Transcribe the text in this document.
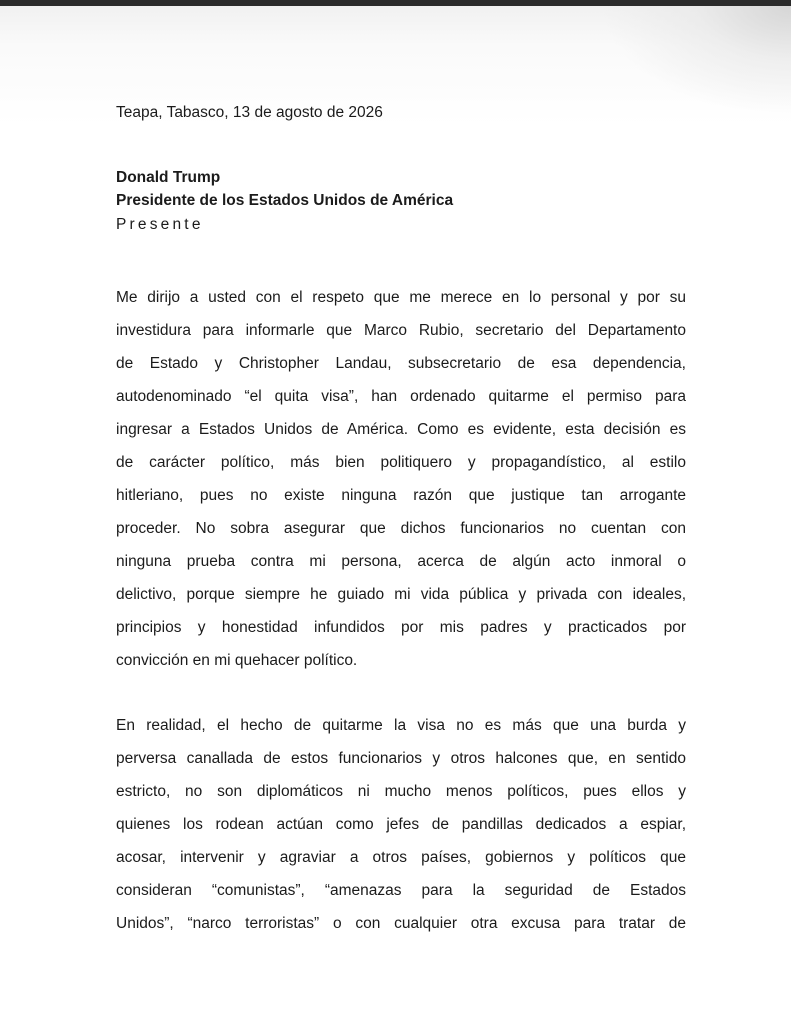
Teapa, Tabasco, 13 de agosto de 2026
Donald Trump
Presidente de los Estados Unidos de América
Presente
Me dirijo a usted con el respeto que me merece en lo personal y por su
investidura para informarle que Marco Rubio, secretario del Departamento
de Estado y Christopher Landau, subsecretario de esa dependencia,
autodenominado “el quita visa”, han ordenado quitarme el permiso para
ingresar a Estados Unidos de América. Como es evidente, esta decisión es
de carácter político, más bien politiquero y propagandístico, al estilo
hitleriano, pues no existe ninguna razón que justique tan arrogante
proceder. No sobra asegurar que dichos funcionarios no cuentan con
ninguna prueba contra mi persona, acerca de algún acto inmoral o
delictivo, porque siempre he guiado mi vida pública y privada con ideales,
principios y honestidad infundidos por mis padres y practicados por
convicción en mi quehacer político.
En realidad, el hecho de quitarme la visa no es más que una burda y
perversa canallada de estos funcionarios y otros halcones que, en sentido
estricto, no son diplomáticos ni mucho menos políticos, pues ellos y
quienes los rodean actúan como jefes de pandillas dedicados a espiar,
acosar, intervenir y agraviar a otros países, gobiernos y políticos que
consideran “comunistas”, “amenazas para la seguridad de Estados
Unidos”, “narco terroristas” o con cualquier otra excusa para tratar de
